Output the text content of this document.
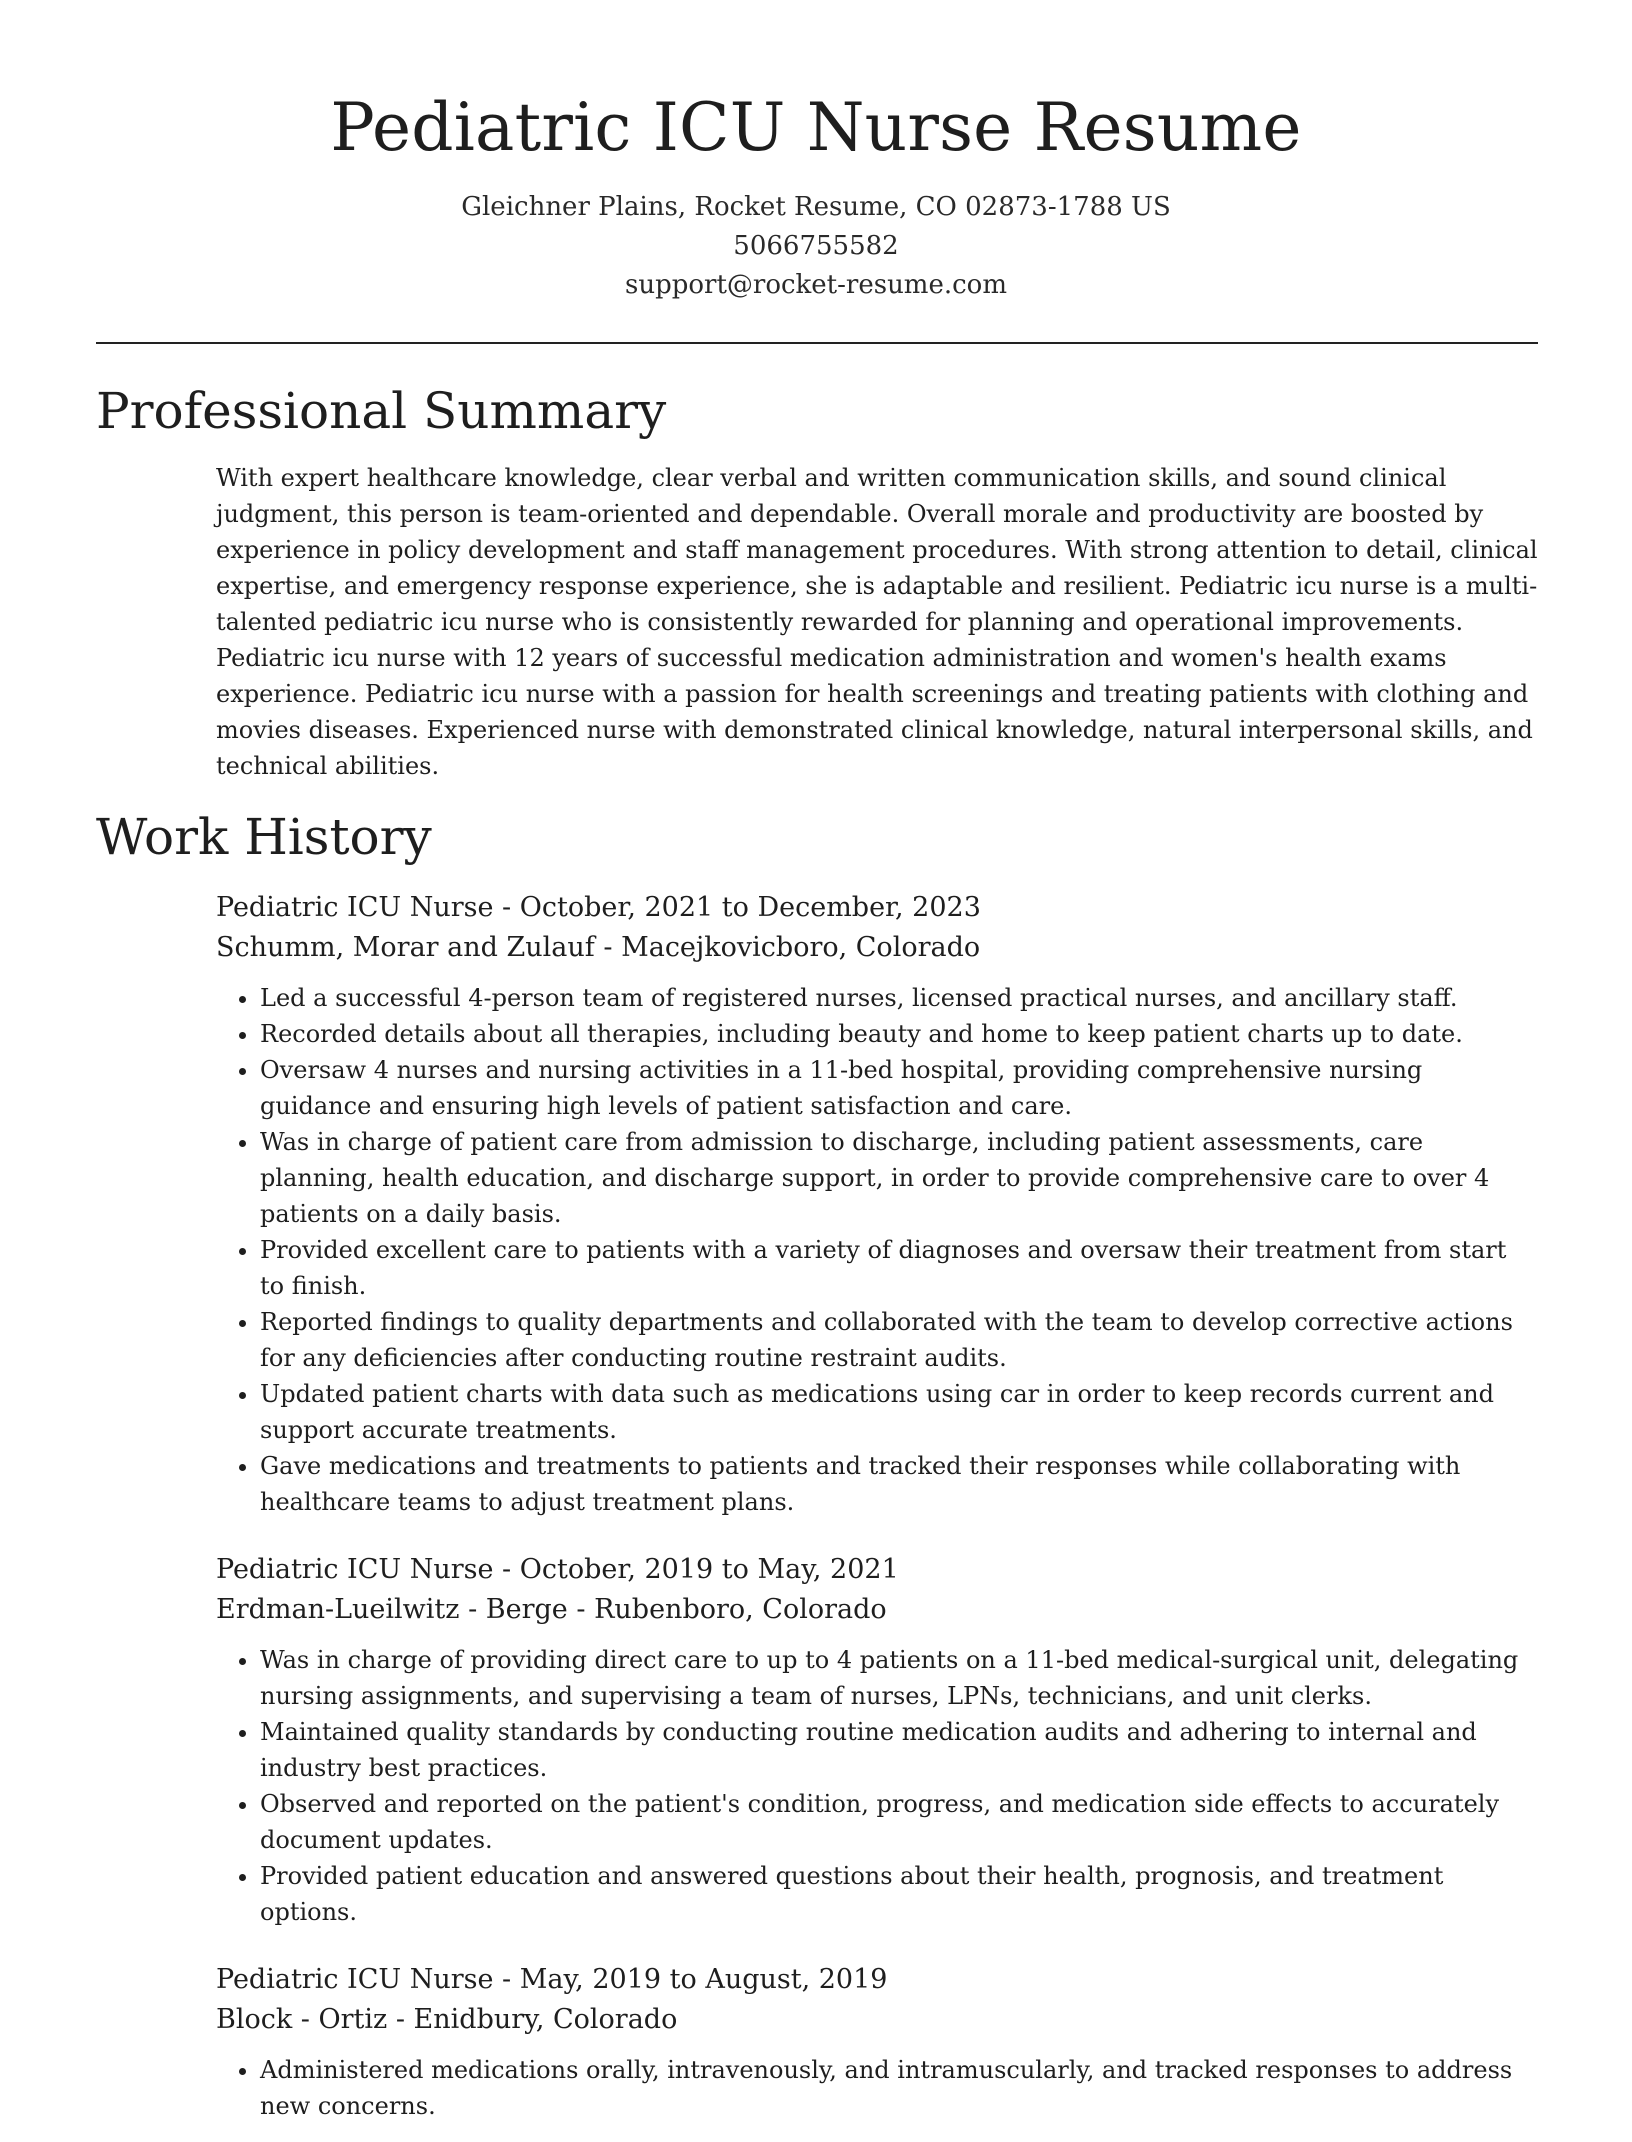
Pediatric ICU Nurse Resume
Gleichner Plains, Rocket Resume, CO 02873-1788 US
5066755582
support@rocket-resume.com
Professional Summary

With expert healthcare knowledge, clear verbal and written communication skills, and sound clinical judgment, this person is team-oriented and dependable. Overall morale and productivity are boosted by experience in policy development and staff management procedures. With strong attention to detail, clinical expertise, and emergency response experience, she is adaptable and resilient. Pediatric icu nurse is a multi-talented pediatric icu nurse who is consistently rewarded for planning and operational improvements. Pediatric icu nurse with 12 years of successful medication administration and women's health exams experience. Pediatric icu nurse with a passion for health screenings and treating patients with clothing and movies diseases. Experienced nurse with demonstrated clinical knowledge, natural interpersonal skills, and technical abilities.

Work History
Pediatric ICU Nurse - October, 2021 to December, 2023
Schumm, Morar and Zulauf - Macejkovicboro, Colorado
• Led a successful 4-person team of registered nurses, licensed practical nurses, and ancillary staff.
• Recorded details about all therapies, including beauty and home to keep patient charts up to date.
• Oversaw 4 nurses and nursing activities in a 11-bed hospital, providing comprehensive nursing guidance and ensuring high levels of patient satisfaction and care.
• Was in charge of patient care from admission to discharge, including patient assessments, care planning, health education, and discharge support, in order to provide comprehensive care to over 4 patients on a daily basis.
• Provided excellent care to patients with a variety of diagnoses and oversaw their treatment from start to finish.
• Reported findings to quality departments and collaborated with the team to develop corrective actions for any deficiencies after conducting routine restraint audits.
• Updated patient charts with data such as medications using car in order to keep records current and support accurate treatments.
• Gave medications and treatments to patients and tracked their responses while collaborating with healthcare teams to adjust treatment plans.
Pediatric ICU Nurse - October, 2019 to May, 2021
Erdman-Lueilwitz - Berge - Rubenboro, Colorado
• Was in charge of providing direct care to up to 4 patients on a 11-bed medical-surgical unit, delegating nursing assignments, and supervising a team of nurses, LPNs, technicians, and unit clerks.
• Maintained quality standards by conducting routine medication audits and adhering to internal and industry best practices.
• Observed and reported on the patient's condition, progress, and medication side effects to accurately document updates.
• Provided patient education and answered questions about their health, prognosis, and treatment options.
Pediatric ICU Nurse - May, 2019 to August, 2019
Block - Ortiz - Enidbury, Colorado
• Administered medications orally, intravenously, and intramuscularly, and tracked responses to address new concerns.
